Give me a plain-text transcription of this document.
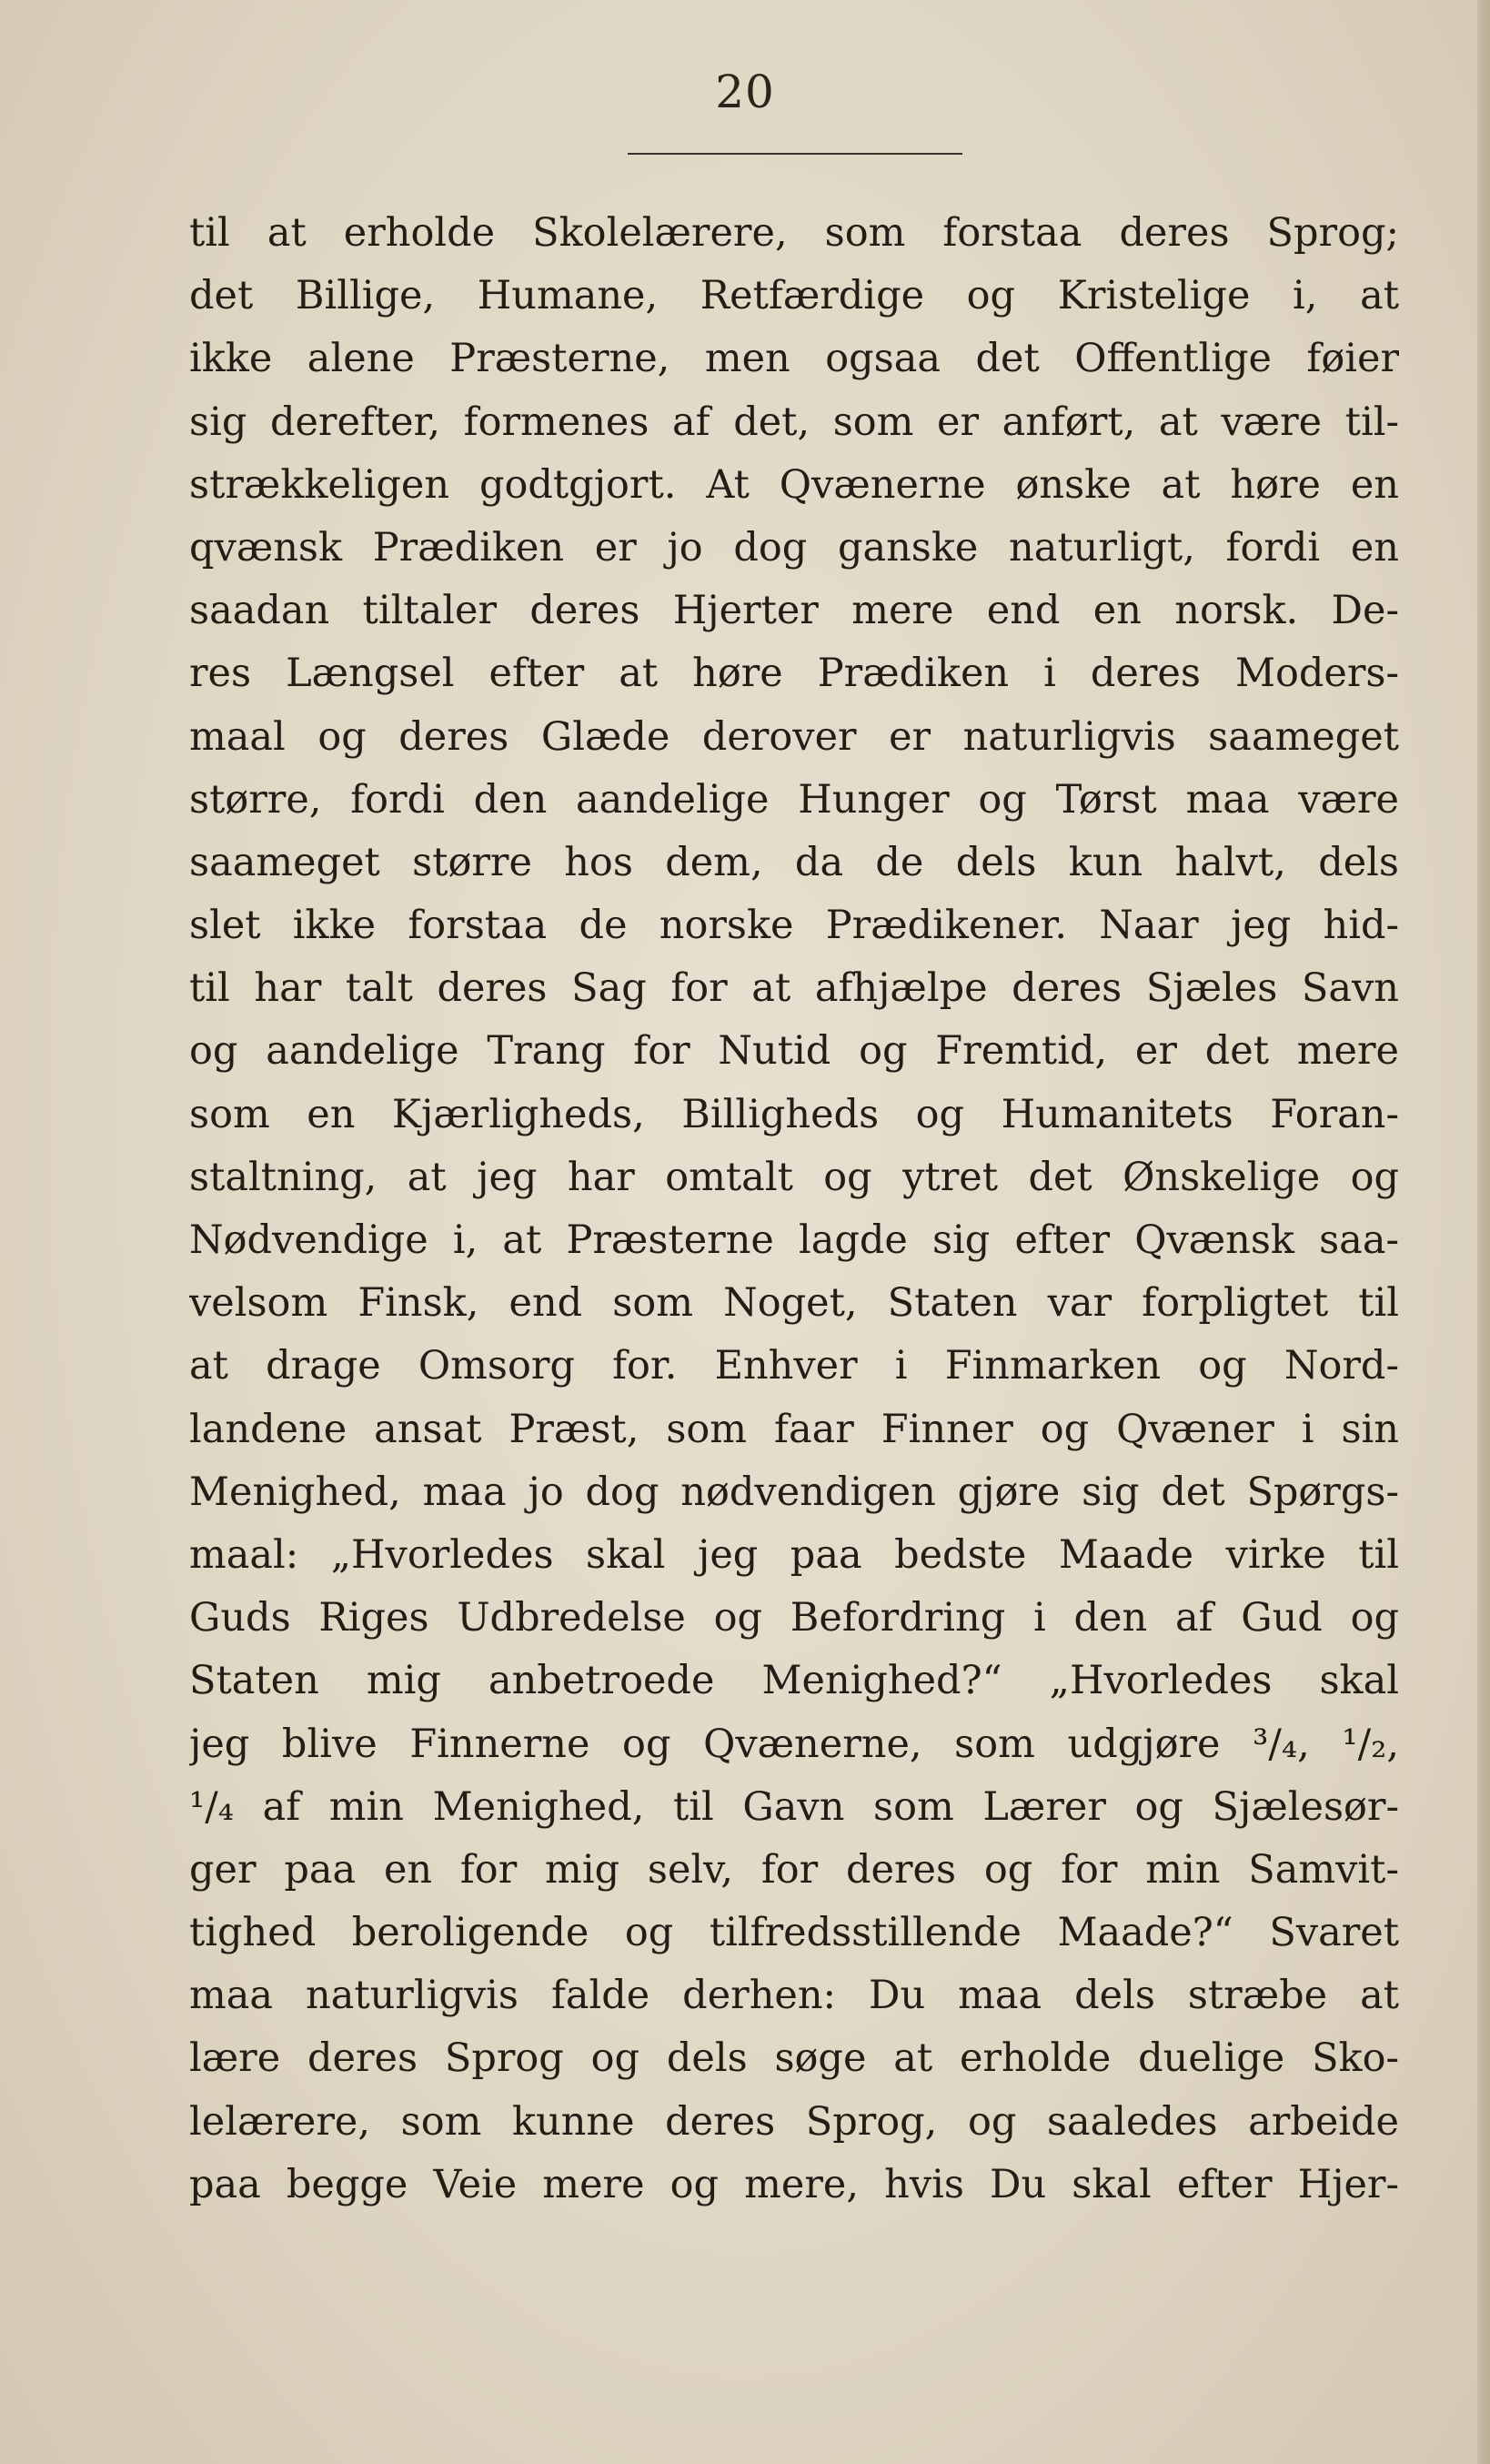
20
til at erholde Skolelærere, som forstaa deres Sprog;
det Billige, Humane, Retfærdige og Kristelige i, at
ikke alene Præsterne, men ogsaa det Offentlige føier
sig derefter, formenes af det, som er anført, at være til-
strækkeligen godtgjort. At Qvænerne ønske at høre en
qvænsk Prædiken er jo dog ganske naturligt, fordi en
saadan tiltaler deres Hjerter mere end en norsk. De-
res Længsel efter at høre Prædiken i deres Moders-
maal og deres Glæde derover er naturligvis saameget
større, fordi den aandelige Hunger og Tørst maa være
saameget større hos dem, da de dels kun halvt, dels
slet ikke forstaa de norske Prædikener. Naar jeg hid-
til har talt deres Sag for at afhjælpe deres Sjæles Savn
og aandelige Trang for Nutid og Fremtid, er det mere
som en Kjærligheds, Billigheds og Humanitets Foran-
staltning, at jeg har omtalt og ytret det Ønskelige og
Nødvendige i, at Præsterne lagde sig efter Qvænsk saa-
velsom Finsk, end som Noget, Staten var forpligtet til
at drage Omsorg for. Enhver i Finmarken og Nord-
landene ansat Præst, som faar Finner og Qvæner i sin
Menighed, maa jo dog nødvendigen gjøre sig det Spørgs-
maal: „Hvorledes skal jeg paa bedste Maade virke til
Guds Riges Udbredelse og Befordring i den af Gud og
Staten mig anbetroede Menighed?“ „Hvorledes skal
jeg blive Finnerne og Qvænerne, som udgjøre ³/₄, ¹/₂,
¹/₄ af min Menighed, til Gavn som Lærer og Sjælesør-
ger paa en for mig selv, for deres og for min Samvit-
tighed beroligende og tilfredsstillende Maade?“ Svaret
maa naturligvis falde derhen: Du maa dels stræbe at
lære deres Sprog og dels søge at erholde duelige Sko-
lelærere, som kunne deres Sprog, og saaledes arbeide
paa begge Veie mere og mere, hvis Du skal efter Hjer-
